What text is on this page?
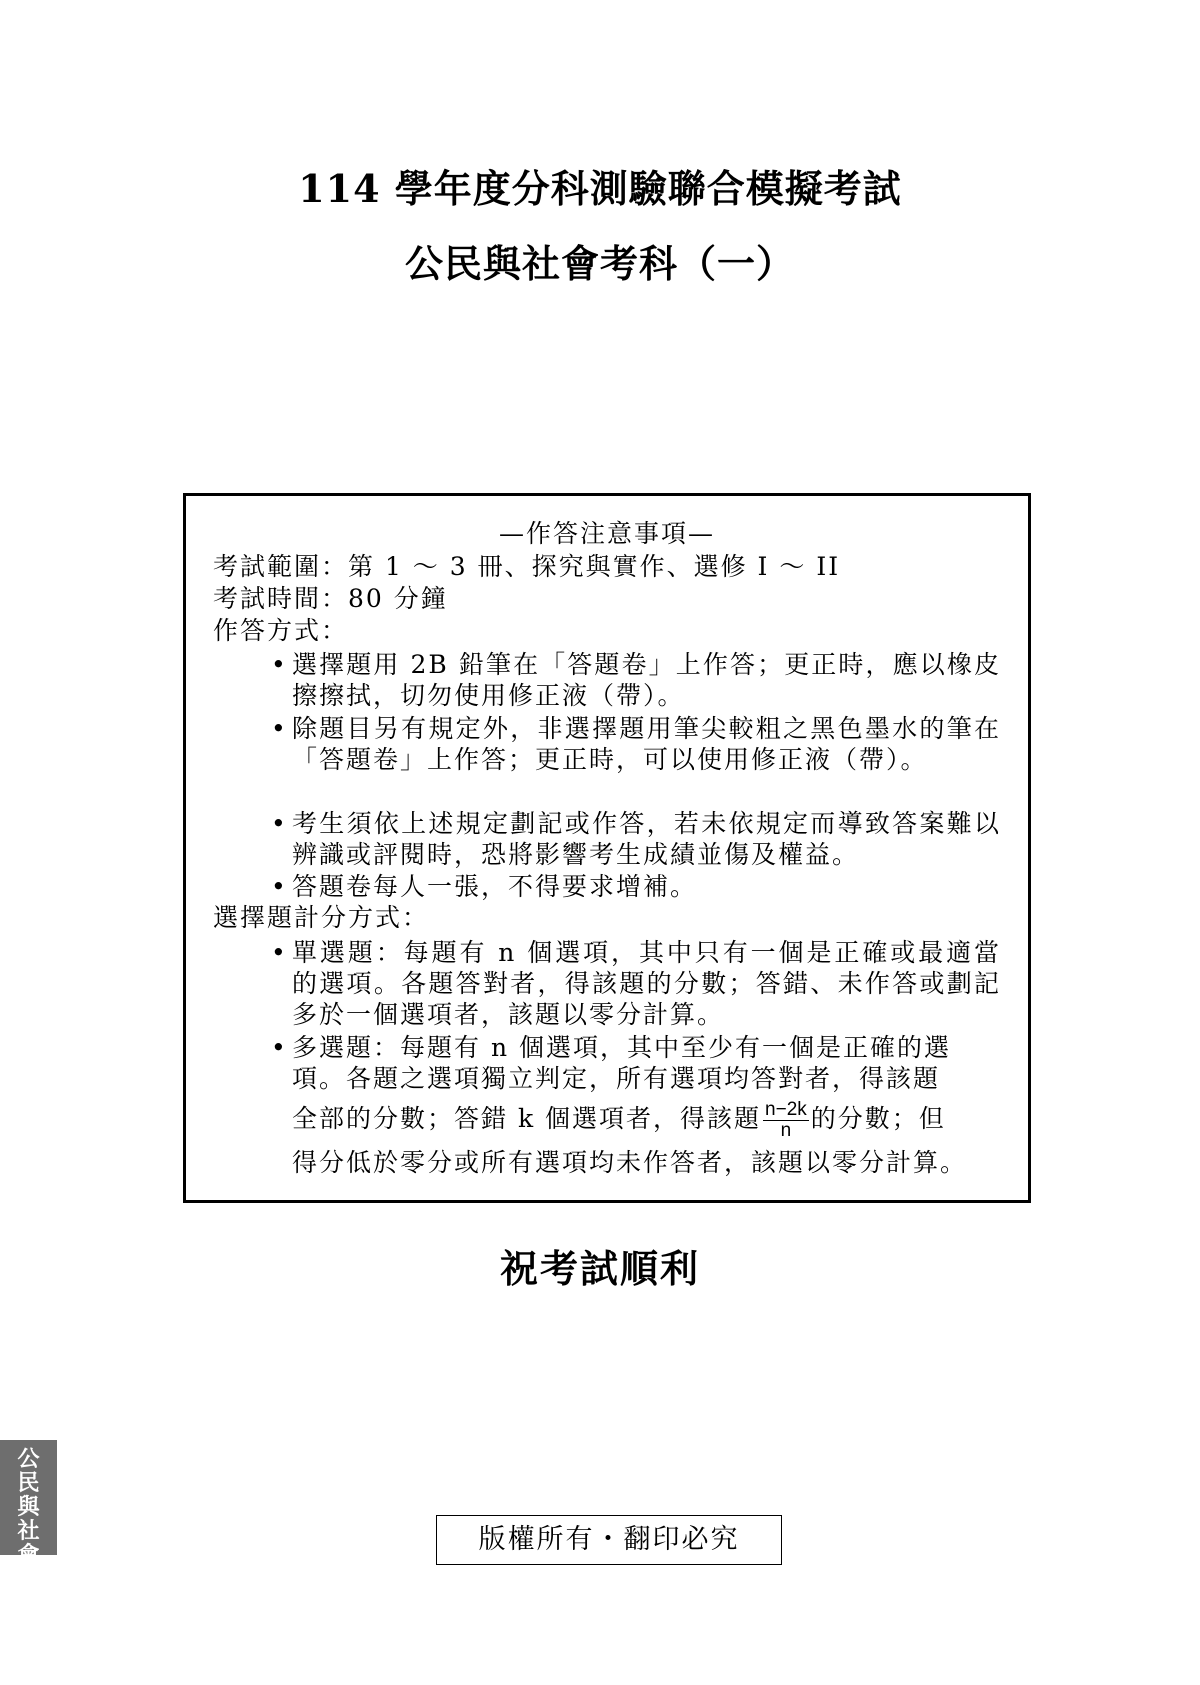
114 學年度分科測驗聯合模擬考試
公民與社會考科（一）
—作答注意事項—
考試範圍：第 1 ～ 3 冊、探究與實作、選修 I ～ II
考試時間：80 分鐘
作答方式：
• 選擇題用 2B 鉛筆在「答題卷」上作答；更正時，應以橡皮擦擦拭，切勿使用修正液（帶）。
• 除題目另有規定外，非選擇題用筆尖較粗之黑色墨水的筆在「答題卷」上作答；更正時，可以使用修正液（帶）。
• 考生須依上述規定劃記或作答，若未依規定而導致答案難以辨識或評閱時，恐將影響考生成績並傷及權益。
• 答題卷每人一張，不得要求增補。
選擇題計分方式：
• 單選題：每題有 n 個選項，其中只有一個是正確或最適當的選項。各題答對者，得該題的分數；答錯、未作答或劃記多於一個選項者，該題以零分計算。
• 多選題：每題有 n 個選項，其中至少有一個是正確的選
項。各題之選項獨立判定，所有選項均答對者，得該題
全部的分數；答錯 k 個選項者，得該題 $\frac{n-2k}{n}$ 的分數；但
得分低於零分或所有選項均未作答者，該題以零分計算。
祝考試順利
公民與社會
版權所有・翻印必究
